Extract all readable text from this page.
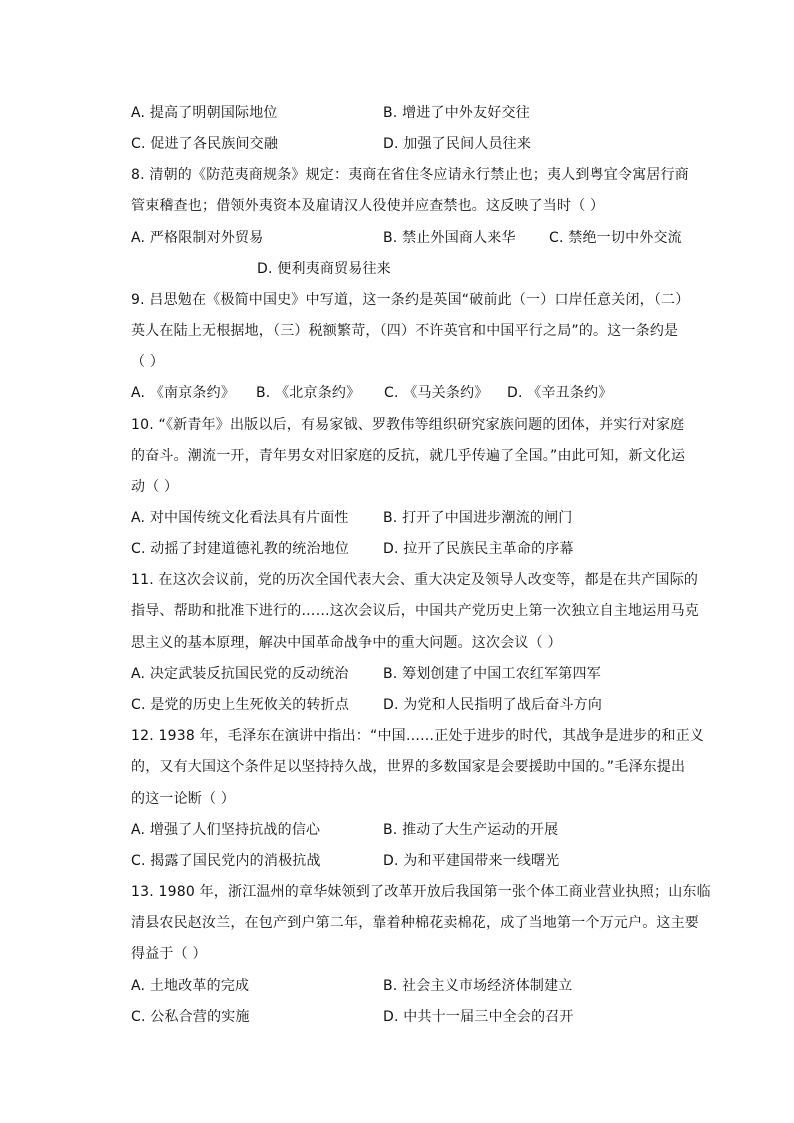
A. 提高了明朝国际地位	B. 增进了中外友好交往
C. 促进了各民族间交融	D. 加强了民间人员往来
8. 清朝的《防范夷商规条》规定：夷商在省住冬应请永行禁止也；夷人到粤宜令寓居行商
管束稽查也；借领外夷资本及雇请汉人役使并应查禁也。这反映了当时（ ）
A. 严格限制对外贸易	B. 禁止外国商人来华 C. 禁绝一切中外交流
D. 便利夷商贸易往来
9. 吕思勉在《极简中国史》中写道，这一条约是英国“破前此（一）口岸任意关闭，（二）
英人在陆上无根据地，（三）税额繁苛，（四）不许英官和中国平行之局”的。这一条约是
（ ）
A. 《南京条约》 B. 《北京条约》 C. 《马关条约》 D. 《辛丑条约》
10. “《新青年》出版以后，有易家钺、罗教伟等组织研究家族问题的团体，并实行对家庭
的奋斗。潮流一开，青年男女对旧家庭的反抗，就几乎传遍了全国。”由此可知，新文化运
动（ ）
A. 对中国传统文化看法具有片面性 B. 打开了中国进步潮流的闸门
C. 动摇了封建道德礼教的统治地位 D. 拉开了民族民主革命的序幕
11. 在这次会议前，党的历次全国代表大会、重大决定及领导人改变等，都是在共产国际的
指导、帮助和批准下进行的……这次会议后，中国共产党历史上第一次独立自主地运用马克
思主义的基本原理，解决中国革命战争中的重大问题。这次会议（ ）
A. 决定武装反抗国民党的反动统治 B. 筹划创建了中国工农红军第四军
C. 是党的历史上生死攸关的转折点 D. 为党和人民指明了战后奋斗方向
12. 1938 年，毛泽东在演讲中指出：“中国……正处于进步的时代，其战争是进步的和正义
的，又有大国这个条件足以坚持持久战，世界的多数国家是会要援助中国的。”毛泽东提出
的这一论断（ ）
A. 增强了人们坚持抗战的信心	B. 推动了大生产运动的开展
C. 揭露了国民党内的消极抗战	D. 为和平建国带来一线曙光
13. 1980 年，浙江温州的章华妹领到了改革开放后我国第一张个体工商业营业执照；山东临
清县农民赵汝兰，在包产到户第二年，靠着种棉花卖棉花，成了当地第一个万元户。这主要
得益于（ ）
A. 土地改革的完成	B. 社会主义市场经济体制建立
C. 公私合营的实施	D. 中共十一届三中全会的召开
